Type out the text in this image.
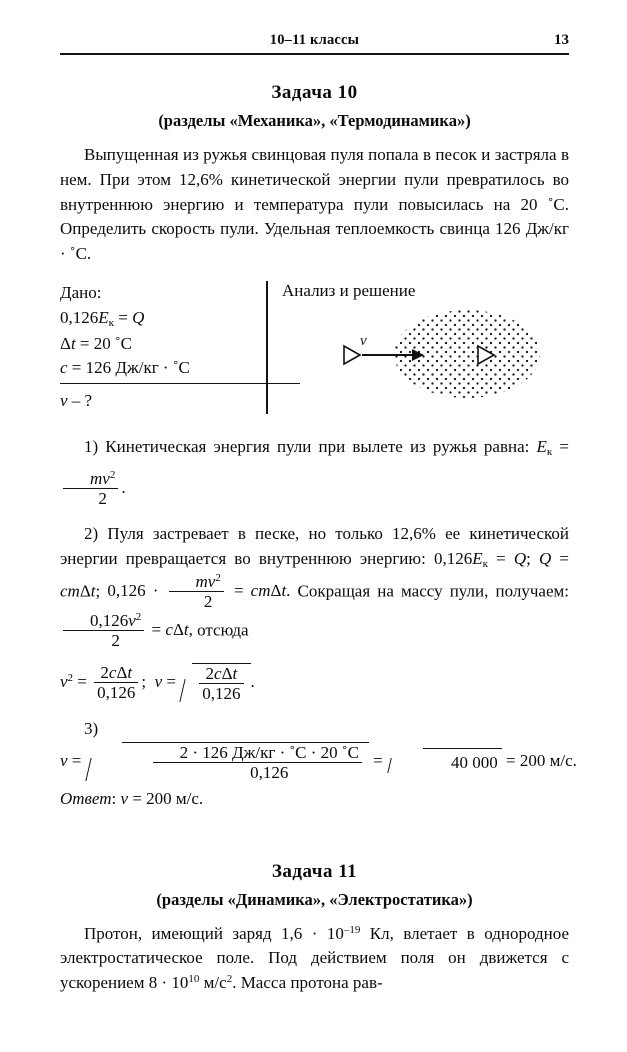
10–11 классы	13
Задача 10
(разделы «Механика», «Термодинамика»)

Выпущенная из ружья свинцовая пуля попала в песок и застряла в нем. При этом 12,6% кинетической энергии пули превратилось во внутреннюю энергию и температура пули повысилась на 20 ˚C. Определить скорость пули. Удельная теплоемкость свинца 126 Дж/кг · ˚C.

Дано:
$0,126E_к = Q$
Δt = 20 ˚C
c = 126 Дж/кг · ˚C
v – ?
Анализ и решение
v
1) Кинетическая энергия пули при вылете из ружья равна: $E_к$ =
$\frac{mv^2}{2}$ .
2) Пуля застревает в песке, но только 12,6% ее кинетической энергии превращается во внутреннюю энергию: $0,126E_к = Q$; Q = cmΔt; $0,126 \cdot \frac{mv^2}{2} = cm\Delta t$. Сокращая на массу пули, получаем:
$\frac{0,126v^2}{2} = c\Delta t$, отсюда
$v^2 = \frac{\text{2cΔt}}{0,126}$ ;  $v = \frac{\text{2cΔt}}{0,126}$ .
3) v =	$\frac{2 \cdot 126 Дж/кг \cdot ˚C \cdot 20 ˚C}{0,126}$ =	40 000 = 200 м/с.
Ответ: v = 200 м/с.
Задача 11
(разделы «Динамика», «Электростатика»)

Протон, имеющий заряд $1,6 \cdot 10^{-19}$ Кл, влетает в однородное электростатическое поле. Под действием поля он движется с ускорением $8 \cdot 10^{10}$ $м/с^2$. Масса протона рав-
